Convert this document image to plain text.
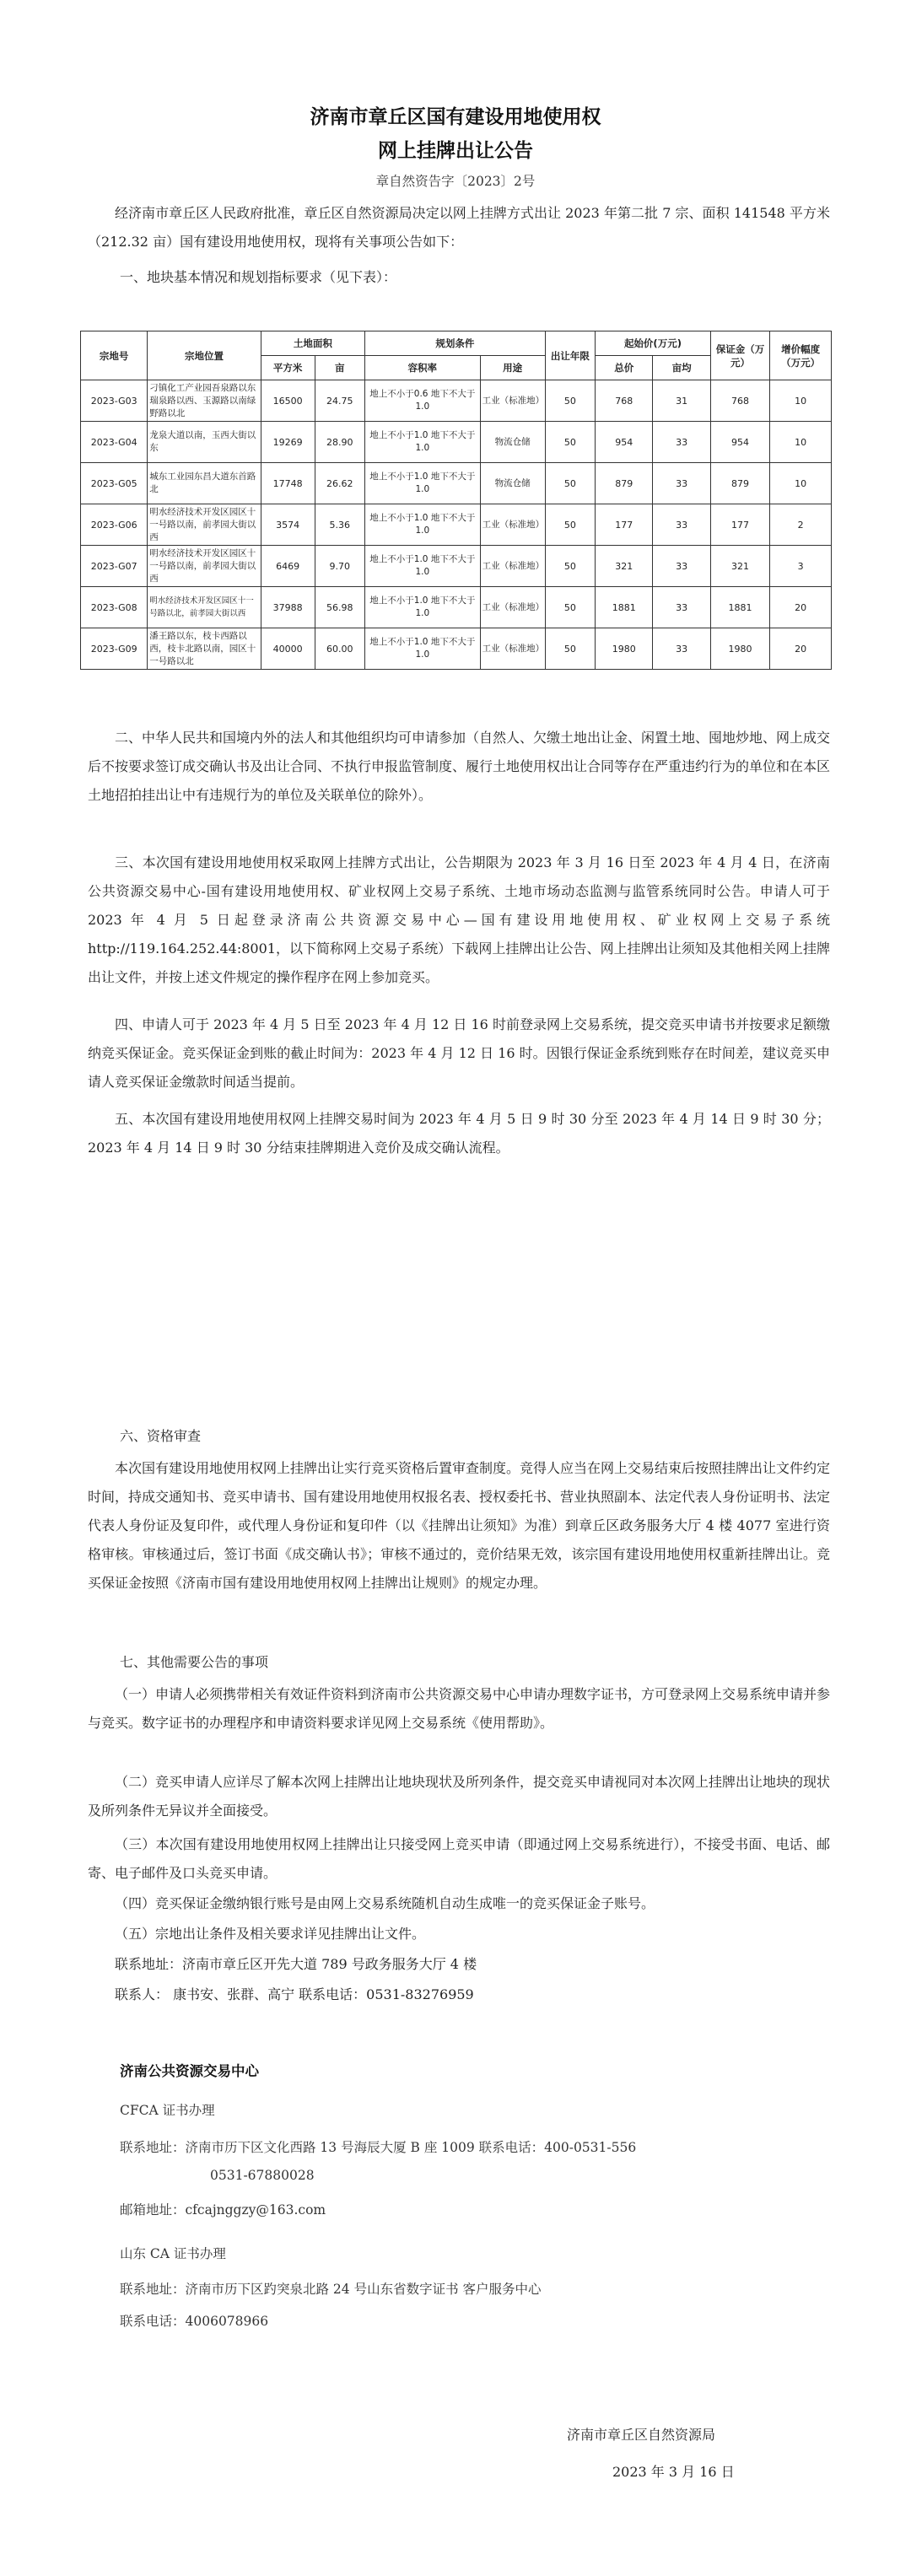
济南市章丘区国有建设用地使用权
网上挂牌出让公告
章自然资告字〔2023〕2号

经济南市章丘区人民政府批准，章丘区自然资源局决定以网上挂牌方式出让 2023 年第二批 7 宗、面积 141548 平方米（212.32 亩）国有建设用地使用权，现将有关事项公告如下：

一、地块基本情况和规划指标要求（见下表）：

宗地号	宗地位置	土地面积		规划条件		出让年限	起始价(万元)		保证金（万元）	增价幅度（万元）
		平方米	亩	容积率	用途		总价	亩均		
2023-G03	刁镇化工产业园吾泉路以东瑞泉路以西、玉源路以南绿野路以北	16500	24.75	地上不小于0.6 地下不大于1.0	工业（标准地）	50	768	31	768	10
2023-G04	龙泉大道以南，玉西大街以东	19269	28.90	地上不小于1.0 地下不大于1.0	物流仓储	50	954	33	954	10
2023-G05	城东工业园东昌大道东首路北	17748	26.62	地上不小于1.0 地下不大于1.0	物流仓储	50	879	33	879	10
2023-G06	明水经济技术开发区园区十一号路以南，前孝园大街以西	3574	5.36	地上不小于1.0 地下不大于1.0	工业（标准地）	50	177	33	177	2
2023-G07	明水经济技术开发区园区十一号路以南，前孝园大街以西	6469	9.70	地上不小于1.0 地下不大于1.0	工业（标准地）	50	321	33	321	3
2023-G08	明水经济技术开发区园区十一号路以北，前孝园大街以西	37988	56.98	地上不小于1.0 地下不大于1.0	工业（标准地）	50	1881	33	1881	20
2023-G09	潘王路以东，枝卡西路以西，枝卡北路以南，园区十一号路以北	40000	60.00	地上不小于1.0 地下不大于1.0	工业（标准地）	50	1980	33	1980	20

二、中华人民共和国境内外的法人和其他组织均可申请参加（自然人、欠缴土地出让金、闲置土地、囤地炒地、网上成交后不按要求签订成交确认书及出让合同、不执行申报监管制度、履行土地使用权出让合同等存在严重违约行为的单位和在本区土地招拍挂出让中有违规行为的单位及关联单位的除外）。

三、本次国有建设用地使用权采取网上挂牌方式出让，公告期限为 2023 年 3 月 16 日至 2023 年 4 月 4 日，在济南公共资源交易中心-国有建设用地使用权、矿业权网上交易子系统、土地市场动态监测与监管系统同时公告。申请人可于 2023 年 4 月 5 日起登录济南公共资源交易中心—国有建设用地使用权、矿业权网上交易子系统 http://119.164.252.44:8001，以下简称网上交易子系统）下载网上挂牌出让公告、网上挂牌出让须知及其他相关网上挂牌出让文件，并按上述文件规定的操作程序在网上参加竞买。

四、申请人可于 2023 年 4 月 5 日至 2023 年 4 月 12 日 16 时前登录网上交易系统，提交竞买申请书并按要求足额缴纳竞买保证金。竞买保证金到账的截止时间为：2023 年 4 月 12 日 16 时。因银行保证金系统到账存在时间差，建议竞买申请人竞买保证金缴款时间适当提前。

五、本次国有建设用地使用权网上挂牌交易时间为 2023 年 4 月 5 日 9 时 30 分至 2023 年 4 月 14 日 9 时 30 分；2023 年 4 月 14 日 9 时 30 分结束挂牌期进入竞价及成交确认流程。

六、资格审查

本次国有建设用地使用权网上挂牌出让实行竞买资格后置审查制度。竞得人应当在网上交易结束后按照挂牌出让文件约定时间，持成交通知书、竞买申请书、国有建设用地使用权报名表、授权委托书、营业执照副本、法定代表人身份证明书、法定代表人身份证及复印件，或代理人身份证和复印件（以《挂牌出让须知》为准）到章丘区政务服务大厅 4 楼 4077 室进行资格审核。审核通过后，签订书面《成交确认书》；审核不通过的，竞价结果无效，该宗国有建设用地使用权重新挂牌出让。竞买保证金按照《济南市国有建设用地使用权网上挂牌出让规则》的规定办理。

七、其他需要公告的事项

（一）申请人必须携带相关有效证件资料到济南市公共资源交易中心申请办理数字证书，方可登录网上交易系统申请并参与竞买。数字证书的办理程序和申请资料要求详见网上交易系统《使用帮助》。

（二）竞买申请人应详尽了解本次网上挂牌出让地块现状及所列条件，提交竞买申请视同对本次网上挂牌出让地块的现状及所列条件无异议并全面接受。

（三）本次国有建设用地使用权网上挂牌出让只接受网上竞买申请（即通过网上交易系统进行），不接受书面、电话、邮寄、电子邮件及口头竞买申请。

（四）竞买保证金缴纳银行账号是由网上交易系统随机自动生成唯一的竞买保证金子账号。

（五）宗地出让条件及相关要求详见挂牌出让文件。

联系地址：济南市章丘区开先大道 789 号政务服务大厅 4 楼

联系人： 康书安、张群、高宁 联系电话：0531-83276959

济南公共资源交易中心
CFCA 证书办理
联系地址：济南市历下区文化西路 13 号海辰大厦 B 座 1009 联系电话：400-0531-556
0531-67880028
邮箱地址：cfcajnggzy@163.com
山东 CA 证书办理
联系地址：济南市历下区趵突泉北路 24 号山东省数字证书 客户服务中心
联系电话：4006078966
济南市章丘区自然资源局
2023 年 3 月 16 日
